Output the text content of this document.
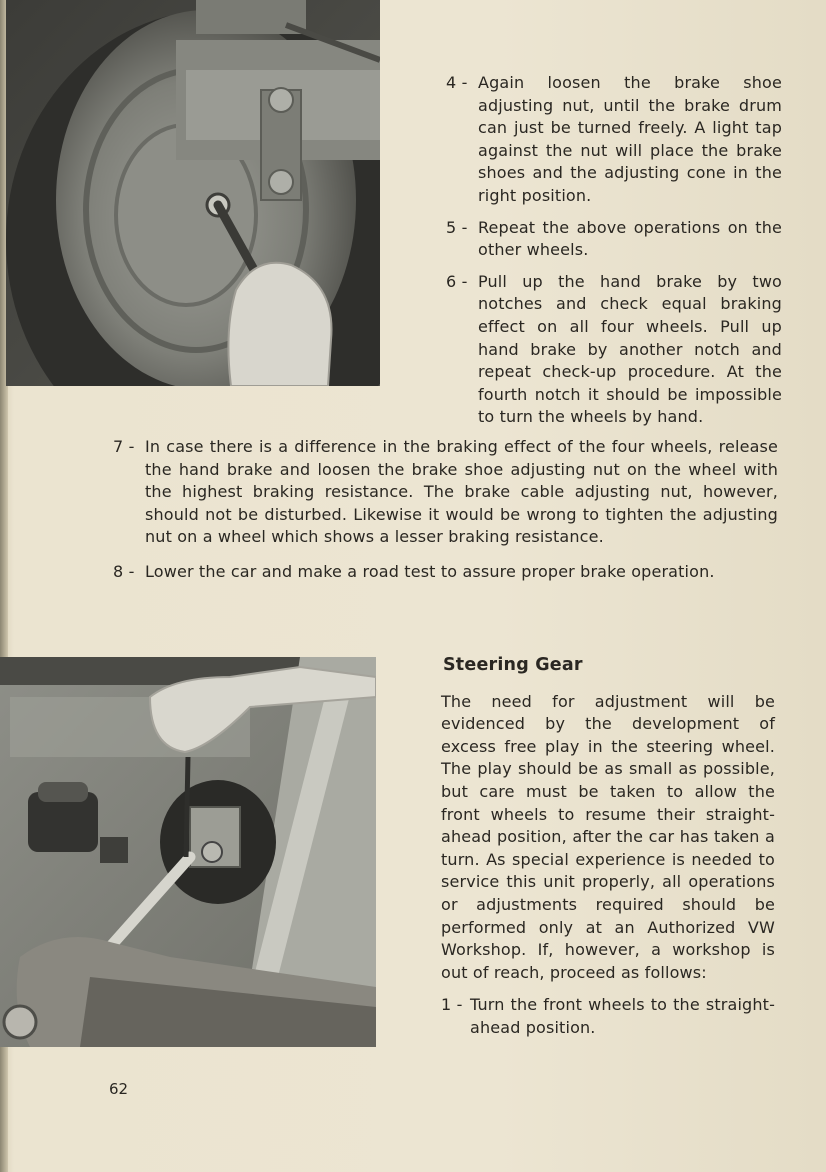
4 - Again loosen the brake shoe adjusting nut, until the brake drum can just be turned freely. A light tap against the nut will place the brake shoes and the adjusting cone in the right position.
5 - Repeat the above operations on the other wheels.
6 - Pull up the hand brake by two notches and check equal braking effect on all four wheels. Pull up hand brake by another notch and repeat check-up procedure. At the fourth notch it should be impossible to turn the wheels by hand.
7 - In case there is a difference in the braking effect of the four wheels, release the hand brake and loosen the brake shoe adjusting nut on the wheel with the highest braking resistance. The brake cable adjusting nut, however, should not be disturbed. Likewise it would be wrong to tighten the adjusting nut on a wheel which shows a lesser braking resistance.
8 - Lower the car and make a road test to assure proper brake operation.
Steering Gear
The need for adjustment will be evidenced by the development of excess free play in the steering wheel. The play should be as small as possible, but care must be taken to allow the front wheels to resume their straight-ahead position, after the car has taken a turn. As special experience is needed to service this unit properly, all operations or adjustments required should be performed only at an Authorized VW Workshop. If, however, a workshop is out of reach, proceed as follows:
1 - Turn the front wheels to the straight-ahead position.
62
